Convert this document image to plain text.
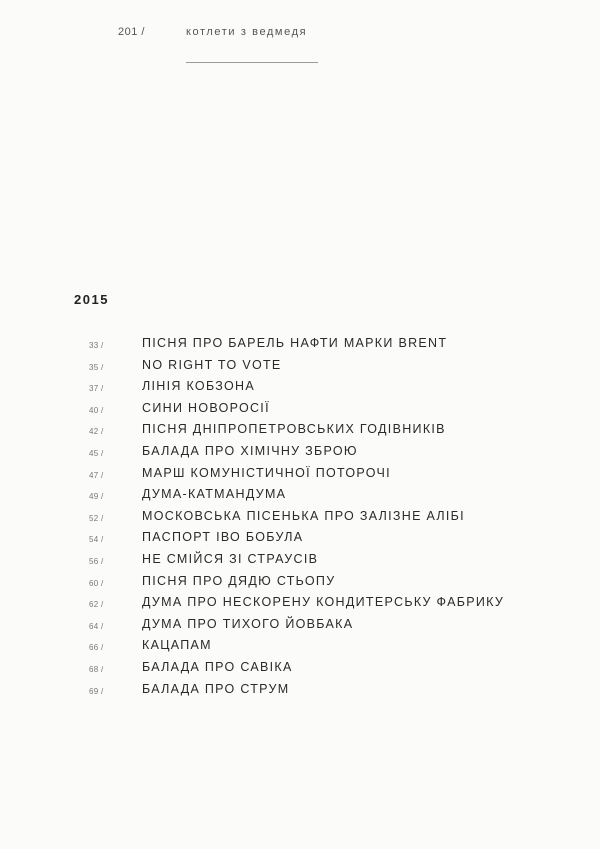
201 /	котлети з ведмедя
2015
33 /	ПІСНЯ ПРО БАРЕЛЬ НАФТИ МАРКИ BRENT
35 /	NO RIGHT TO VOTE
37 /	ЛІНІЯ КОБЗОНА
40 /	СИНИ НОВОРОСІЇ
42 /	ПІСНЯ ДНІПРОПЕТРОВСЬКИХ ГОДІВНИКІВ
45 /	БАЛАДА ПРО ХІМІЧНУ ЗБРОЮ
47 /	МАРШ КОМУНІСТИЧНОЇ ПОТОРОЧІ
49 /	ДУМА-КАТМАНДУМА
52 /	МОСКОВСЬКА ПІСЕНЬКА ПРО ЗАЛІЗНЕ АЛІБІ
54 /	ПАСПОРТ ІВО БОБУЛА
56 /	НЕ СМІЙСЯ ЗІ СТРАУСІВ
60 /	ПІСНЯ ПРО ДЯДЮ СТЬОПУ
62 /	ДУМА ПРО НЕСКОРЕНУ КОНДИТЕРСЬКУ ФАБРИКУ
64 /	ДУМА ПРО ТИХОГО ЙОВБАКА
66 /	КАЦАПАМ
68 /	БАЛАДА ПРО САВІКА
69 /	БАЛАДА ПРО СТРУМ
